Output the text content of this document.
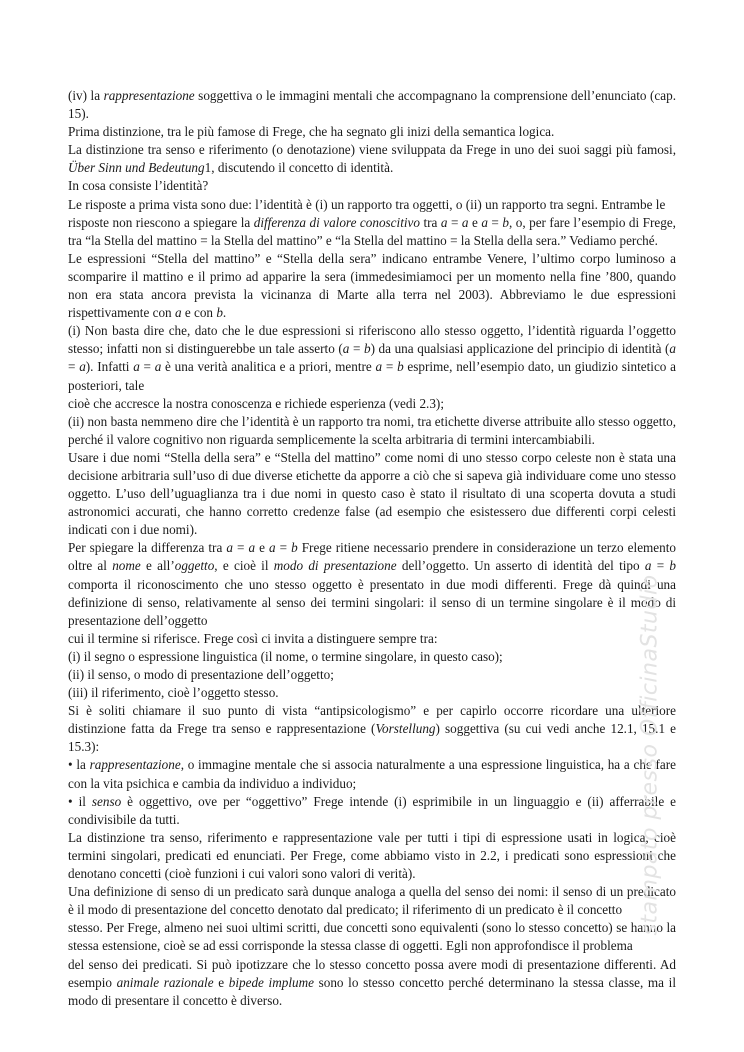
(iv) la rappresentazione soggettiva o le immagini mentali che accompagnano la comprensione dell’enunciato (cap. 15).

Prima distinzione, tra le più famose di Frege, che ha segnato gli inizi della semantica logica.

La distinzione tra senso e riferimento (o denotazione) viene sviluppata da Frege in uno dei suoi saggi più famosi, Über Sinn und Bedeutung1, discutendo il concetto di identità.

In cosa consiste l’identità?

Le risposte a prima vista sono due: l’identità è (i) un rapporto tra oggetti, o (ii) un rapporto tra segni. Entrambe le

risposte non riescono a spiegare la differenza di valore conoscitivo tra a = a e a = b, o, per fare l’esempio di Frege, tra “la Stella del mattino = la Stella del mattino” e “la Stella del mattino = la Stella della sera.” Vediamo perché.

Le espressioni “Stella del mattino” e “Stella della sera” indicano entrambe Venere, l’ultimo corpo luminoso a scomparire il mattino e il primo ad apparire la sera (immedesimiamoci per un momento nella fine ’800, quando non era stata ancora prevista la vicinanza di Marte alla terra nel 2003). Abbreviamo le due espressioni rispettivamente con a e con b.

(i) Non basta dire che, dato che le due espressioni si riferiscono allo stesso oggetto, l’identità riguarda l’oggetto stesso; infatti non si distinguerebbe un tale asserto (a = b) da una qualsiasi applicazione del principio di identità (a = a). Infatti a = a è una verità analitica e a priori, mentre a = b esprime, nell’esempio dato, un giudizio sintetico a posteriori, tale

cioè che accresce la nostra conoscenza e richiede esperienza (vedi 2.3);

(ii) non basta nemmeno dire che l’identità è un rapporto tra nomi, tra etichette diverse attribuite allo stesso oggetto, perché il valore cognitivo non riguarda semplicemente la scelta arbitraria di termini intercambiabili.

Usare i due nomi “Stella della sera” e “Stella del mattino” come nomi di uno stesso corpo celeste non è stata una decisione arbitraria sull’uso di due diverse etichette da apporre a ciò che si sapeva già individuare come uno stesso oggetto. L’uso dell’uguaglianza tra i due nomi in questo caso è stato il risultato di una scoperta dovuta a studi astronomici accurati, che hanno corretto credenze false (ad esempio che esistessero due differenti corpi celesti indicati con i due nomi).

Per spiegare la differenza tra a = a e a = b Frege ritiene necessario prendere in considerazione un terzo elemento oltre al nome e all’oggetto, e cioè il modo di presentazione dell’oggetto. Un asserto di identità del tipo a = b comporta il riconoscimento che uno stesso oggetto è presentato in due modi differenti. Frege dà quindi una definizione di senso, relativamente al senso dei termini singolari: il senso di un termine singolare è il modo di presentazione dell’oggetto

cui il termine si riferisce. Frege così ci invita a distinguere sempre tra:

(i) il segno o espressione linguistica (il nome, o termine singolare, in questo caso);

(ii) il senso, o modo di presentazione dell’oggetto;

(iii) il riferimento, cioè l’oggetto stesso.

Si è soliti chiamare il suo punto di vista “antipsicologismo” e per capirlo occorre ricordare una ulteriore distinzione fatta da Frege tra senso e rappresentazione (Vorstellung) soggettiva (su cui vedi anche 12.1, 15.1 e 15.3):

• la rappresentazione, o immagine mentale che si associa naturalmente a una espressione linguistica, ha a che fare con la vita psichica e cambia da individuo a individuo;

• il senso è oggettivo, ove per “oggettivo” Frege intende (i) esprimibile in un linguaggio e (ii) afferrabile e condivisibile da tutti.

La distinzione tra senso, riferimento e rappresentazione vale per tutti i tipi di espressione usati in logica, cioè termini singolari, predicati ed enunciati. Per Frege, come abbiamo visto in 2.2, i predicati sono espressioni che denotano concetti (cioè funzioni i cui valori sono valori di verità).

Una definizione di senso di un predicato sarà dunque analoga a quella del senso dei nomi: il senso di un predicato è il modo di presentazione del concetto denotato dal predicato; il riferimento di un predicato è il concetto

stesso. Per Frege, almeno nei suoi ultimi scritti, due concetti sono equivalenti (sono lo stesso concetto) se hanno la stessa estensione, cioè se ad essi corrisponde la stessa classe di oggetti. Egli non approfondisce il problema

del senso dei predicati. Si può ipotizzare che lo stesso concetto possa avere modi di presentazione differenti. Ad esempio animale razionale e bipede implume sono lo stesso concetto perché determinano la stessa classe, ma il modo di presentare il concetto è diverso.

stampato presso OfficinaStudio
